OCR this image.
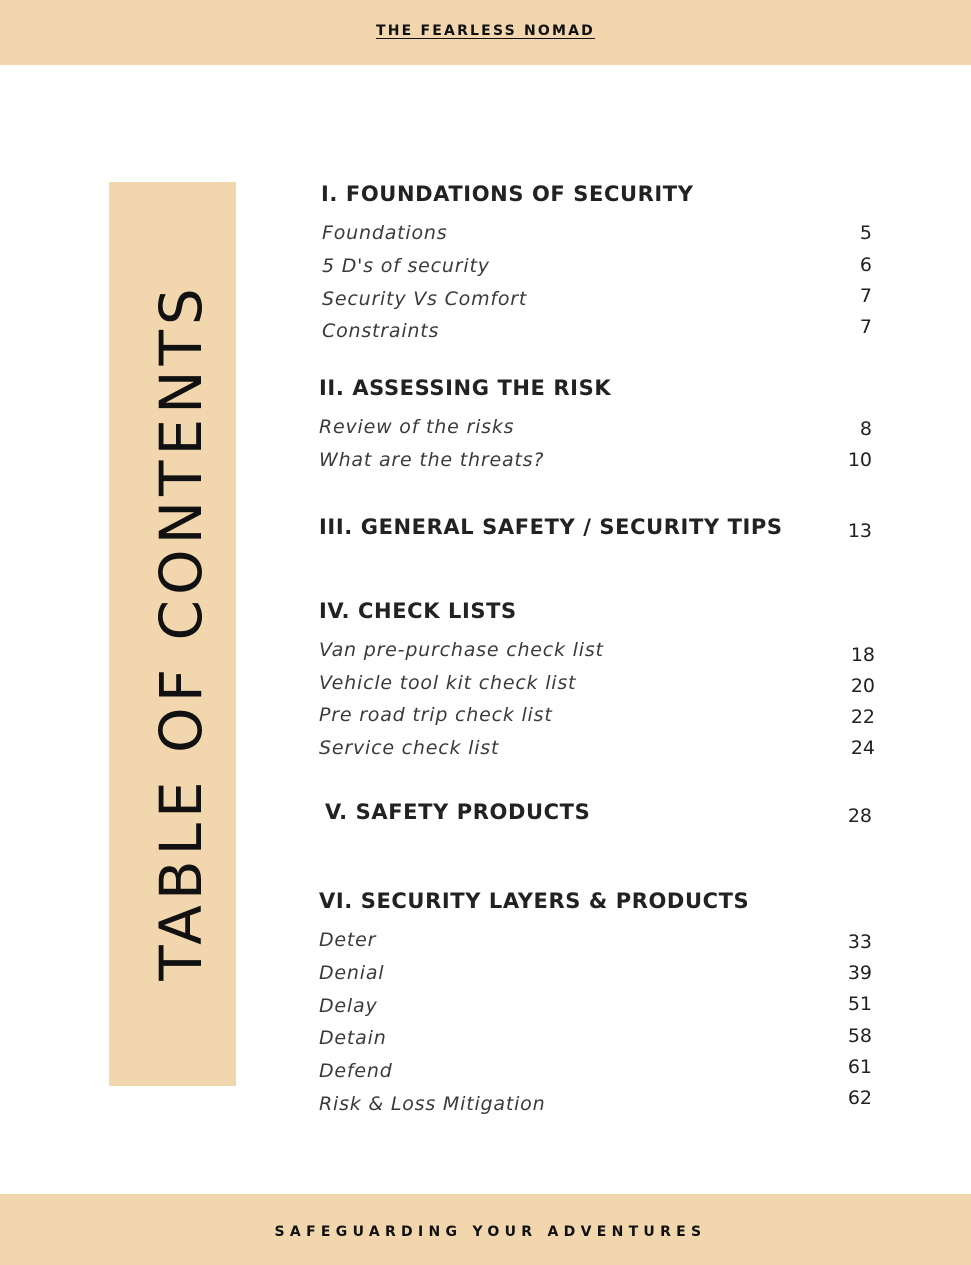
THE FEARLESS NOMAD
TABLE OF CONTENTS
I. FOUNDATIONS OF SECURITY
Foundations	5
5 D's of security	6
Security Vs Comfort	7
Constraints	7
II. ASSESSING THE RISK
Review of the risks	8
What are the threats?	10
III. GENERAL SAFETY / SECURITY TIPS	13
IV. CHECK LISTS
Van pre-purchase check list	18
Vehicle tool kit check list	20
Pre road trip check list	22
Service check list	24
V. SAFETY PRODUCTS	28
VI. SECURITY LAYERS & PRODUCTS
Deter	33
Denial	39
Delay	51
Detain	58
Defend	61
Risk & Loss Mitigation	62
SAFEGUARDING YOUR ADVENTURES
